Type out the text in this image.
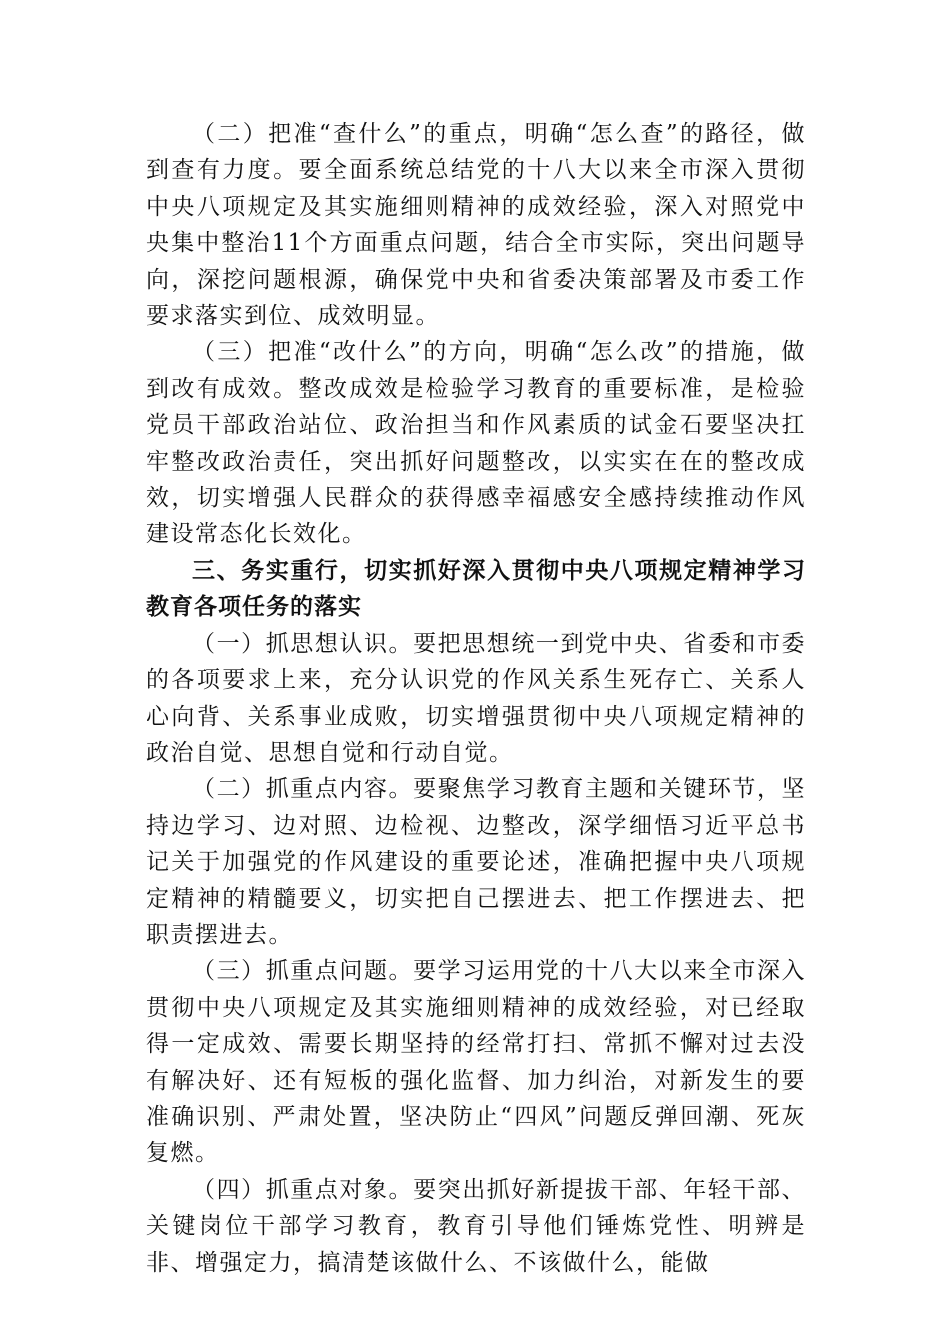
（二）把准“查什么”的重点，明确“怎么查”的路径，做到查有力度。要全面系统总结党的十八大以来全市深入贯彻中央八项规定及其实施细则精神的成效经验，深入对照党中央集中整治11个方面重点问题，结合全市实际，突出问题导向，深挖问题根源，确保党中央和省委决策部署及市委工作要求落实到位、成效明显。

（三）把准“改什么”的方向，明确“怎么改”的措施，做到改有成效。整改成效是检验学习教育的重要标准，是检验党员干部政治站位、政治担当和作风素质的试金石要坚决扛牢整改政治责任，突出抓好问题整改，以实实在在的整改成效，切实增强人民群众的获得感幸福感安全感持续推动作风建设常态化长效化。

三、务实重行，切实抓好深入贯彻中央八项规定精神学习教育各项任务的落实

（一）抓思想认识。要把思想统一到党中央、省委和市委的各项要求上来，充分认识党的作风关系生死存亡、关系人心向背、关系事业成败，切实增强贯彻中央八项规定精神的政治自觉、思想自觉和行动自觉。

（二）抓重点内容。要聚焦学习教育主题和关键环节，坚持边学习、边对照、边检视、边整改，深学细悟习近平总书记关于加强党的作风建设的重要论述，准确把握中央八项规定精神的精髓要义，切实把自己摆进去、把工作摆进去、把职责摆进去。

（三）抓重点问题。要学习运用党的十八大以来全市深入贯彻中央八项规定及其实施细则精神的成效经验，对已经取得一定成效、需要长期坚持的经常打扫、常抓不懈对过去没有解决好、还有短板的强化监督、加力纠治，对新发生的要准确识别、严肃处置，坚决防止“四风”问题反弹回潮、死灰复燃。

（四）抓重点对象。要突出抓好新提拔干部、年轻干部、关键岗位干部学习教育，教育引导他们锤炼党性、明辨是非、增强定力，搞清楚该做什么、不该做什么，能做
